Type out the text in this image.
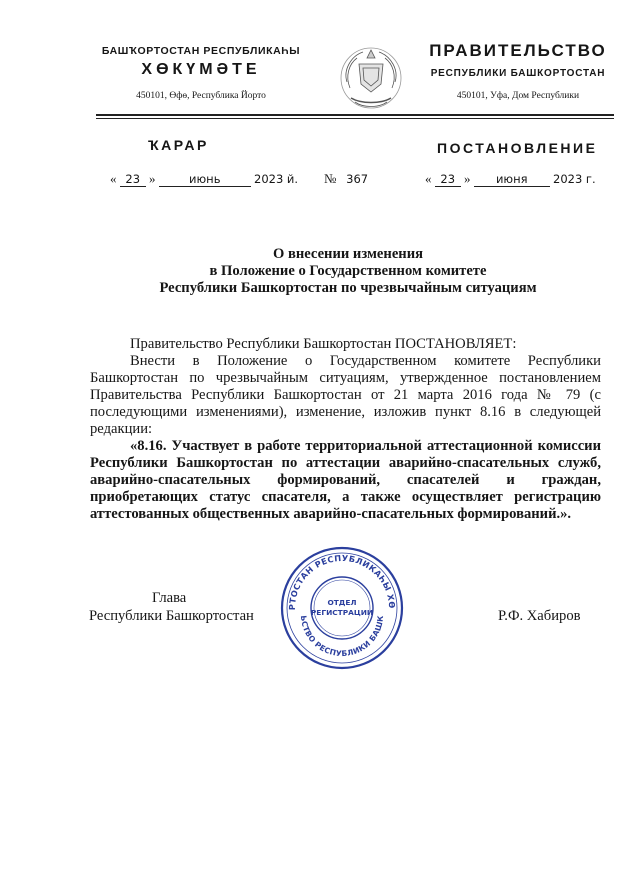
БАШҠОРТОСТАН РЕСПУБЛИКАҺЫ
ХӨКҮМӘТЕ
450101, Өфө, Республика Йорто
ПРАВИТЕЛЬСТВО
РЕСПУБЛИКИ БАШКОРТОСТАН
450101, Уфа, Дом Республики
ҠАРАР	ПОСТАНОВЛЕНИЕ
« 23 »	июнь	2023 й. № 367	« 23 » июня 2023 г.
О внесении изменения
в Положение о Государственном комитете
Республики Башкортостан по чрезвычайным ситуациям

Правительство Республики Башкортостан ПОСТАНОВЛЯЕТ:

Внести в Положение о Государственном комитете Республики Башкортостан по чрезвычайным ситуациям, утвержденное постановлением Правительства Республики Башкортостан от 21 марта 2016 года № 79 (с последующими изменениями), изменение, изложив пункт 8.16 в следующей редакции:

«8.16. Участвует в работе территориальной аттестационной комиссии Республики Башкортостан по аттестации аварийно-спасательных служб, аварийно-спасательных формирований, спасателей и граждан, приобретающих статус спасателя, а также осуществляет регистрацию аттестованных общественных аварийно-спасательных формирований.».

Глава
Республики Башкортостан	Р.Ф. Хабиров
РТОСТАН РЕСПУБЛИКАҺЫ ХӨ
ЬСТВО РЕСПУБЛИКИ БАШК
ОТДЕЛ
РЕГИСТРАЦИИ
